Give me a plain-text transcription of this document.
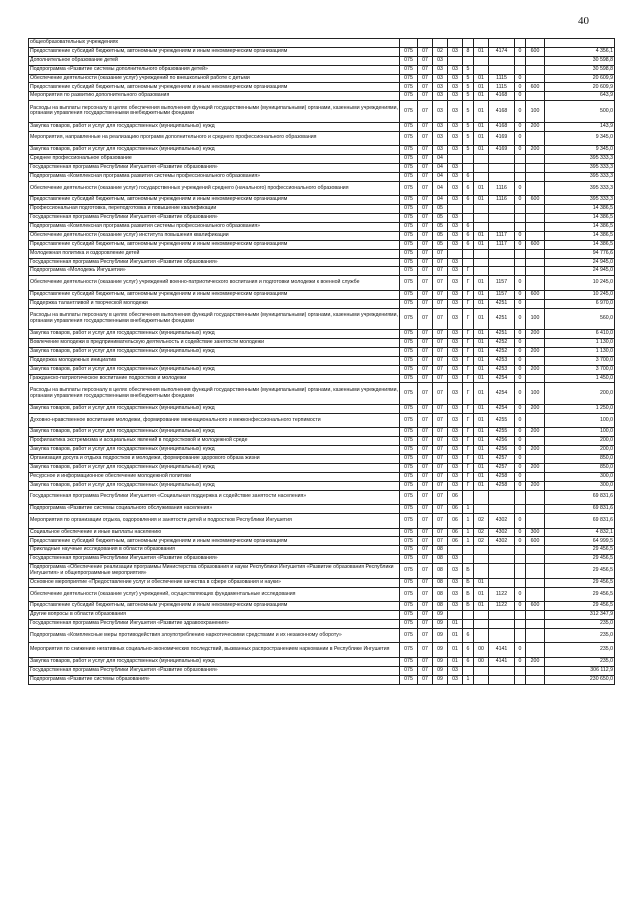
40
общеобразовательных учреждениях										
Предоставление субсидий бюджетным, автономным учреждениям и иным некоммерческим организациям	075	07	02	03	8	01	4174	0	600	4 356,1
Дополнительное образование детей	075	07	03							30 598,8
Подпрограмма «Развитие системы дополнительного образования детей»	075	07	03	03	5					30 598,8
Обеспечение деятельности (оказание услуг) учреждений по внешкольной работе с детьми	075	07	03	03	5	01	1115	0		20 609,9
Предоставление субсидий бюджетным, автономным учреждениям и иным некоммерческим организациям	075	07	03	03	5	01	1115	0	600	20 609,9
Мероприятия по развитию дополнительного образования	075	07	03	03	5	01	4168	0		643,9
Расходы на выплаты персоналу в целях обеспечения выполнения функций государственными (муниципальными) органами, казенными учреждениями, органами управления государственными внебюджетными фондами	075	07	03	03	5	01	4168	0	100	500,0
Закупка товаров, работ и услуг для государственных (муниципальных) нужд	075	07	03	03	5	01	4168	0	200	143,9
Мероприятия, направленные на реализацию программ дополнительного и среднего профессионального образования	075	07	03	03	5	01	4169	0		9 345,0
Закупка товаров, работ и услуг для государственных (муниципальных) нужд	075	07	03	03	5	01	4169	0	200	9 345,0
Среднее профессиональное образование	075	07	04							395 333,3
Государственная программа Республики Ингушетия «Развитие образования»	075	07	04	03						395 333,3
Подпрограмма «Комплексная программа развития системы профессионального образования»	075	07	04	03	6					395 333,3
Обеспечение деятельности (оказание услуг) государственных учреждений среднего (начального) профессионального образования	075	07	04	03	6	01	1116	0		395 333,3
Предоставление субсидий бюджетным, автономным учреждениям и иным некоммерческим организациям	075	07	04	03	6	01	1116	0	600	395 333,3
Профессиональная подготовка, переподготовка и повышение квалификации	075	07	05							14 386,5
Государственная программа Республики Ингушетия «Развитие образования»	075	07	05	03						14 386,5
Подпрограмма «Комплексная программа развития системы профессионального образования»	075	07	05	03	6					14 386,5
Обеспечение деятельности (оказание услуг) института повышения квалификации	075	07	05	03	6	01	1117	0		14 386,5
Предоставление субсидий бюджетным, автономным учреждениям и иным некоммерческим организациям	075	07	05	03	6	01	1117	0	600	14 386,5
Молодежная политика и оздоровление детей	075	07	07							94 776,6
Государственная программа Республики Ингушетия «Развитие образования»	075	07	07	03						24 945,0
Подпрограмма «Молодежь Ингушетии»	075	07	07	03	Г					24 945,0
Обеспечение деятельности (оказание услуг) учреждений военно-патриотического воспитания и подготовки молодежи к военной службе	075	07	07	03	Г	01	1157	0		10 245,0
Предоставление субсидий бюджетным, автономным учреждениям и иным некоммерческим организациям	075	07	07	03	Г	01	1157	0	600	10 245,0
Поддержка талантливой и творческой молодежи	075	07	07	03	Г	01	4251	0		6 970,0
Расходы на выплаты персоналу в целях обеспечения выполнения функций государственными (муниципальными) органами, казенными учреждениями, органами управления государственными внебюджетными фондами	075	07	07	03	Г	01	4251	0	100	560,0
Закупка товаров, работ и услуг для государственных (муниципальных) нужд	075	07	07	03	Г	01	4251	0	200	6 410,0
Вовлечение молодежи в предпринимательскую деятельность и содействие занятости молодежи	075	07	07	03	Г	01	4252	0		1 130,0
Закупка товаров, работ и услуг для государственных (муниципальных) нужд	075	07	07	03	Г	01	4252	0	200	1 130,0
Поддержка молодежных инициатив	075	07	07	03	Г	01	4253	0		3 700,0
Закупка товаров, работ и услуг для государственных (муниципальных) нужд	075	07	07	03	Г	01	4253	0	200	3 700,0
Гражданско-патриотическое воспитание подростков и молодежи	075	07	07	03	Г	01	4254	0		1 450,0
Расходы на выплаты персоналу в целях обеспечения выполнения функций государственными (муниципальными) органами, казенными учреждениями, органами управления государственными внебюджетными фондами	075	07	07	03	Г	01	4254	0	100	200,0
Закупка товаров, работ и услуг для государственных (муниципальных) нужд	075	07	07	03	Г	01	4254	0	200	1 250,0
Духовно-нравственное воспитание молодежи, формирование межнационального и межконфессионального терпимости	075	07	07	03	Г	01	4255	0		100,0
Закупка товаров, работ и услуг для государственных (муниципальных) нужд	075	07	07	03	Г	01	4255	0	200	100,0
Профилактика экстремизма и асоциальных явлений в подростковой и молодежной среде	075	07	07	03	Г	01	4256	0		200,0
Закупка товаров, работ и услуг для государственных (муниципальных) нужд	075	07	07	03	Г	01	4256	0	200	200,0
Организация досуга и отдыха подростков и молодежи, формирование здорового образа жизни	075	07	07	03	Г	01	4257	0		850,0
Закупка товаров, работ и услуг для государственных (муниципальных) нужд	075	07	07	03	Г	01	4257	0	200	850,0
Ресурсное и информационное обеспечение молодежной политики	075	07	07	03	Г	01	4258	0		300,0
Закупка товаров, работ и услуг для государственных (муниципальных) нужд	075	07	07	03	Г	01	4258	0	200	300,0
Государственная программа Республики Ингушетия «Социальная поддержка и содействие занятости населения»	075	07	07	06						69 831,6
Подпрограмма «Развитие системы социального обслуживания населения»	075	07	07	06	1					69 831,6
Мероприятия по организации отдыха, оздоровления и занятости детей и подростков Республики Ингушетия	075	07	07	06	1	02	4302	0		69 831,6
Социальное обеспечение и иные выплаты населению	075	07	07	06	1	02	4302	0	300	4 832,1
Предоставление субсидий бюджетным, автономным учреждениям и иным некоммерческим организациям	075	07	07	06	1	02	4302	0	600	64 999,5
Прикладные научные исследования в области образования	075	07	08							29 456,5
Государственная программа Республики Ингушетия «Развитие образования»	075	07	08	03						29 456,5
Подпрограмма «Обеспечение реализации программы Министерства образования и науки Республики Ингушетия «Развитие образования Республики Ингушетия» и общепрограммные мероприятия»	075	07	08	03	Б					29 456,5
Основное мероприятие «Предоставление услуг и обеспечение качества в сфере образования и науки»	075	07	08	03	Б	01				29 456,5
Обеспечение деятельности (оказание услуг) учреждений, осуществляющих фундаментальные исследования	075	07	08	03	Б	01	1122	0		29 456,5
Предоставление субсидий бюджетным, автономным учреждениям и иным некоммерческим организациям	075	07	08	03	Б	01	1122	0	600	29 456,5
Другие вопросы в области образования	075	07	09							312 347,9
Государственная программа Республики Ингушетия «Развитие здравоохранения»	075	07	09	01						235,0
Подпрограмма «Комплексные меры противодействия злоупотреблению наркотическими средствами и их незаконному обороту»	075	07	09	01	6					235,0
Мероприятия по снижению негативных социально-экономических последствий, вызванных распространением наркомании в Республике Ингушетия	075	07	09	01	6	00	4141	0		235,0
Закупка товаров, работ и услуг для государственных (муниципальных) нужд	075	07	09	01	6	00	4141	0	200	235,0
Государственная программа Республики Ингушетия «Развитие образования»	075	07	09	03						306 112,9
Подпрограмма «Развитие системы образования»	075	07	09	03	1					230 650,0
